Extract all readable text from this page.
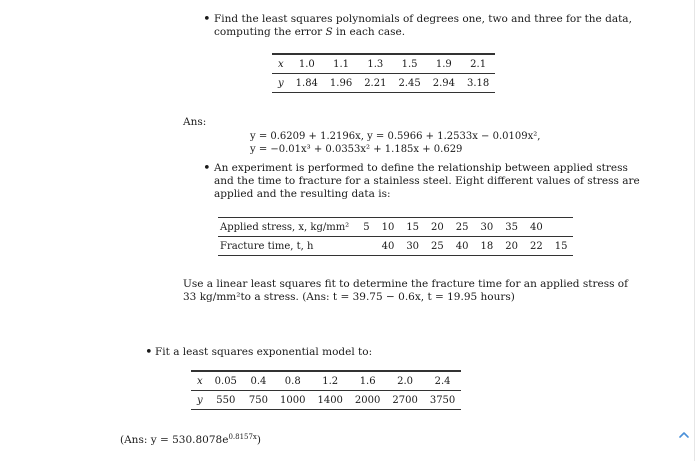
• Find the least squares polynomials of degrees one, two and three for the data,
computing the error S in each case.
x	1.0	1.1	1.3	1.5	1.9	2.1
y	1.84	1.96	2.21	2.45	2.94	3.18
Ans:
y = 0.6209 + 1.2196x, y = 0.5966 + 1.2533x − 0.0109x²,
y = −0.01x³ + 0.0353x² + 1.185x + 0.629
• An experiment is performed to define the relationship between applied stress
and the time to fracture for a stainless steel. Eight different values of stress are
applied and the resulting data is:
Applied stress, x, kg/mm²	5	10	15	20	25	30	35	40	
Fracture time, t, h		40	30	25	40	18	20	22	15
Use a linear least squares fit to determine the fracture time for an applied stress of
33 kg/mm²to a stress. (Ans: t = 39.75 − 0.6x, t = 19.95 hours)
• Fit a least squares exponential model to:
x	0.05	0.4	0.8	1.2	1.6	2.0	2.4
y	550	750	1000	1400	2000	2700	3750
(Ans: $y = 530.8078e^{0.8157x}$)
